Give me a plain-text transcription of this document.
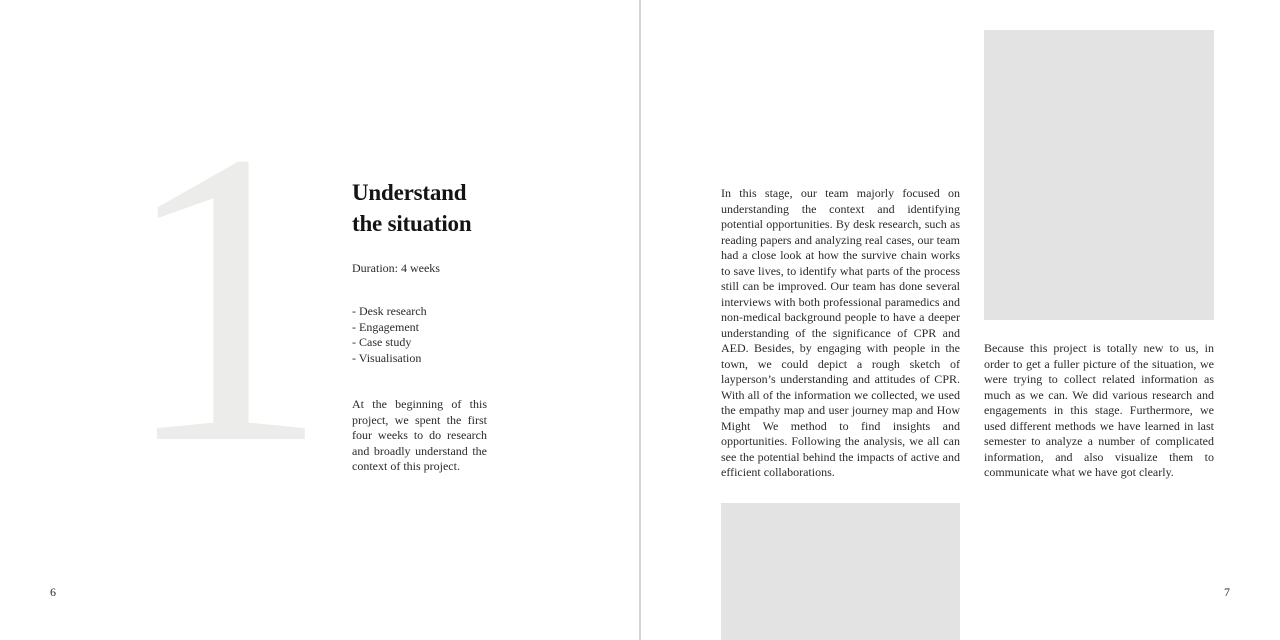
1 Understand
the situation
Duration: 4 weeks
- Desk research
- Engagement
- Case study
- Visualisation

At the beginning of this project, we spent the first four weeks to do research and broadly understand the context of this project.

6

In this stage, our team majorly focused on understanding the context and identifying potential opportunities. By desk research, such as reading papers and analyzing real cases, our team had a close look at how the survive chain works to save lives, to identify what parts of the process still can be improved. Our team has done several interviews with both professional paramedics and non-medical background people to have a deeper understanding of the significance of CPR and AED. Besides, by engaging with people in the town, we could depict a rough sketch of layperson’s understanding and attitudes of CPR. With all of the information we collected, we used the empathy map and user journey map and How Might We method to find insights and opportunities. Following the analysis, we all can see the potential behind the impacts of active and efficient collaborations.

Because this project is totally new to us, in order to get a fuller picture of the situation, we were trying to collect related information as much as we can. We did various research and engagements in this stage. Furthermore, we used different methods we have learned in last semester to analyze a number of complicated information, and also visualize them to communicate what we have got clearly.

7
